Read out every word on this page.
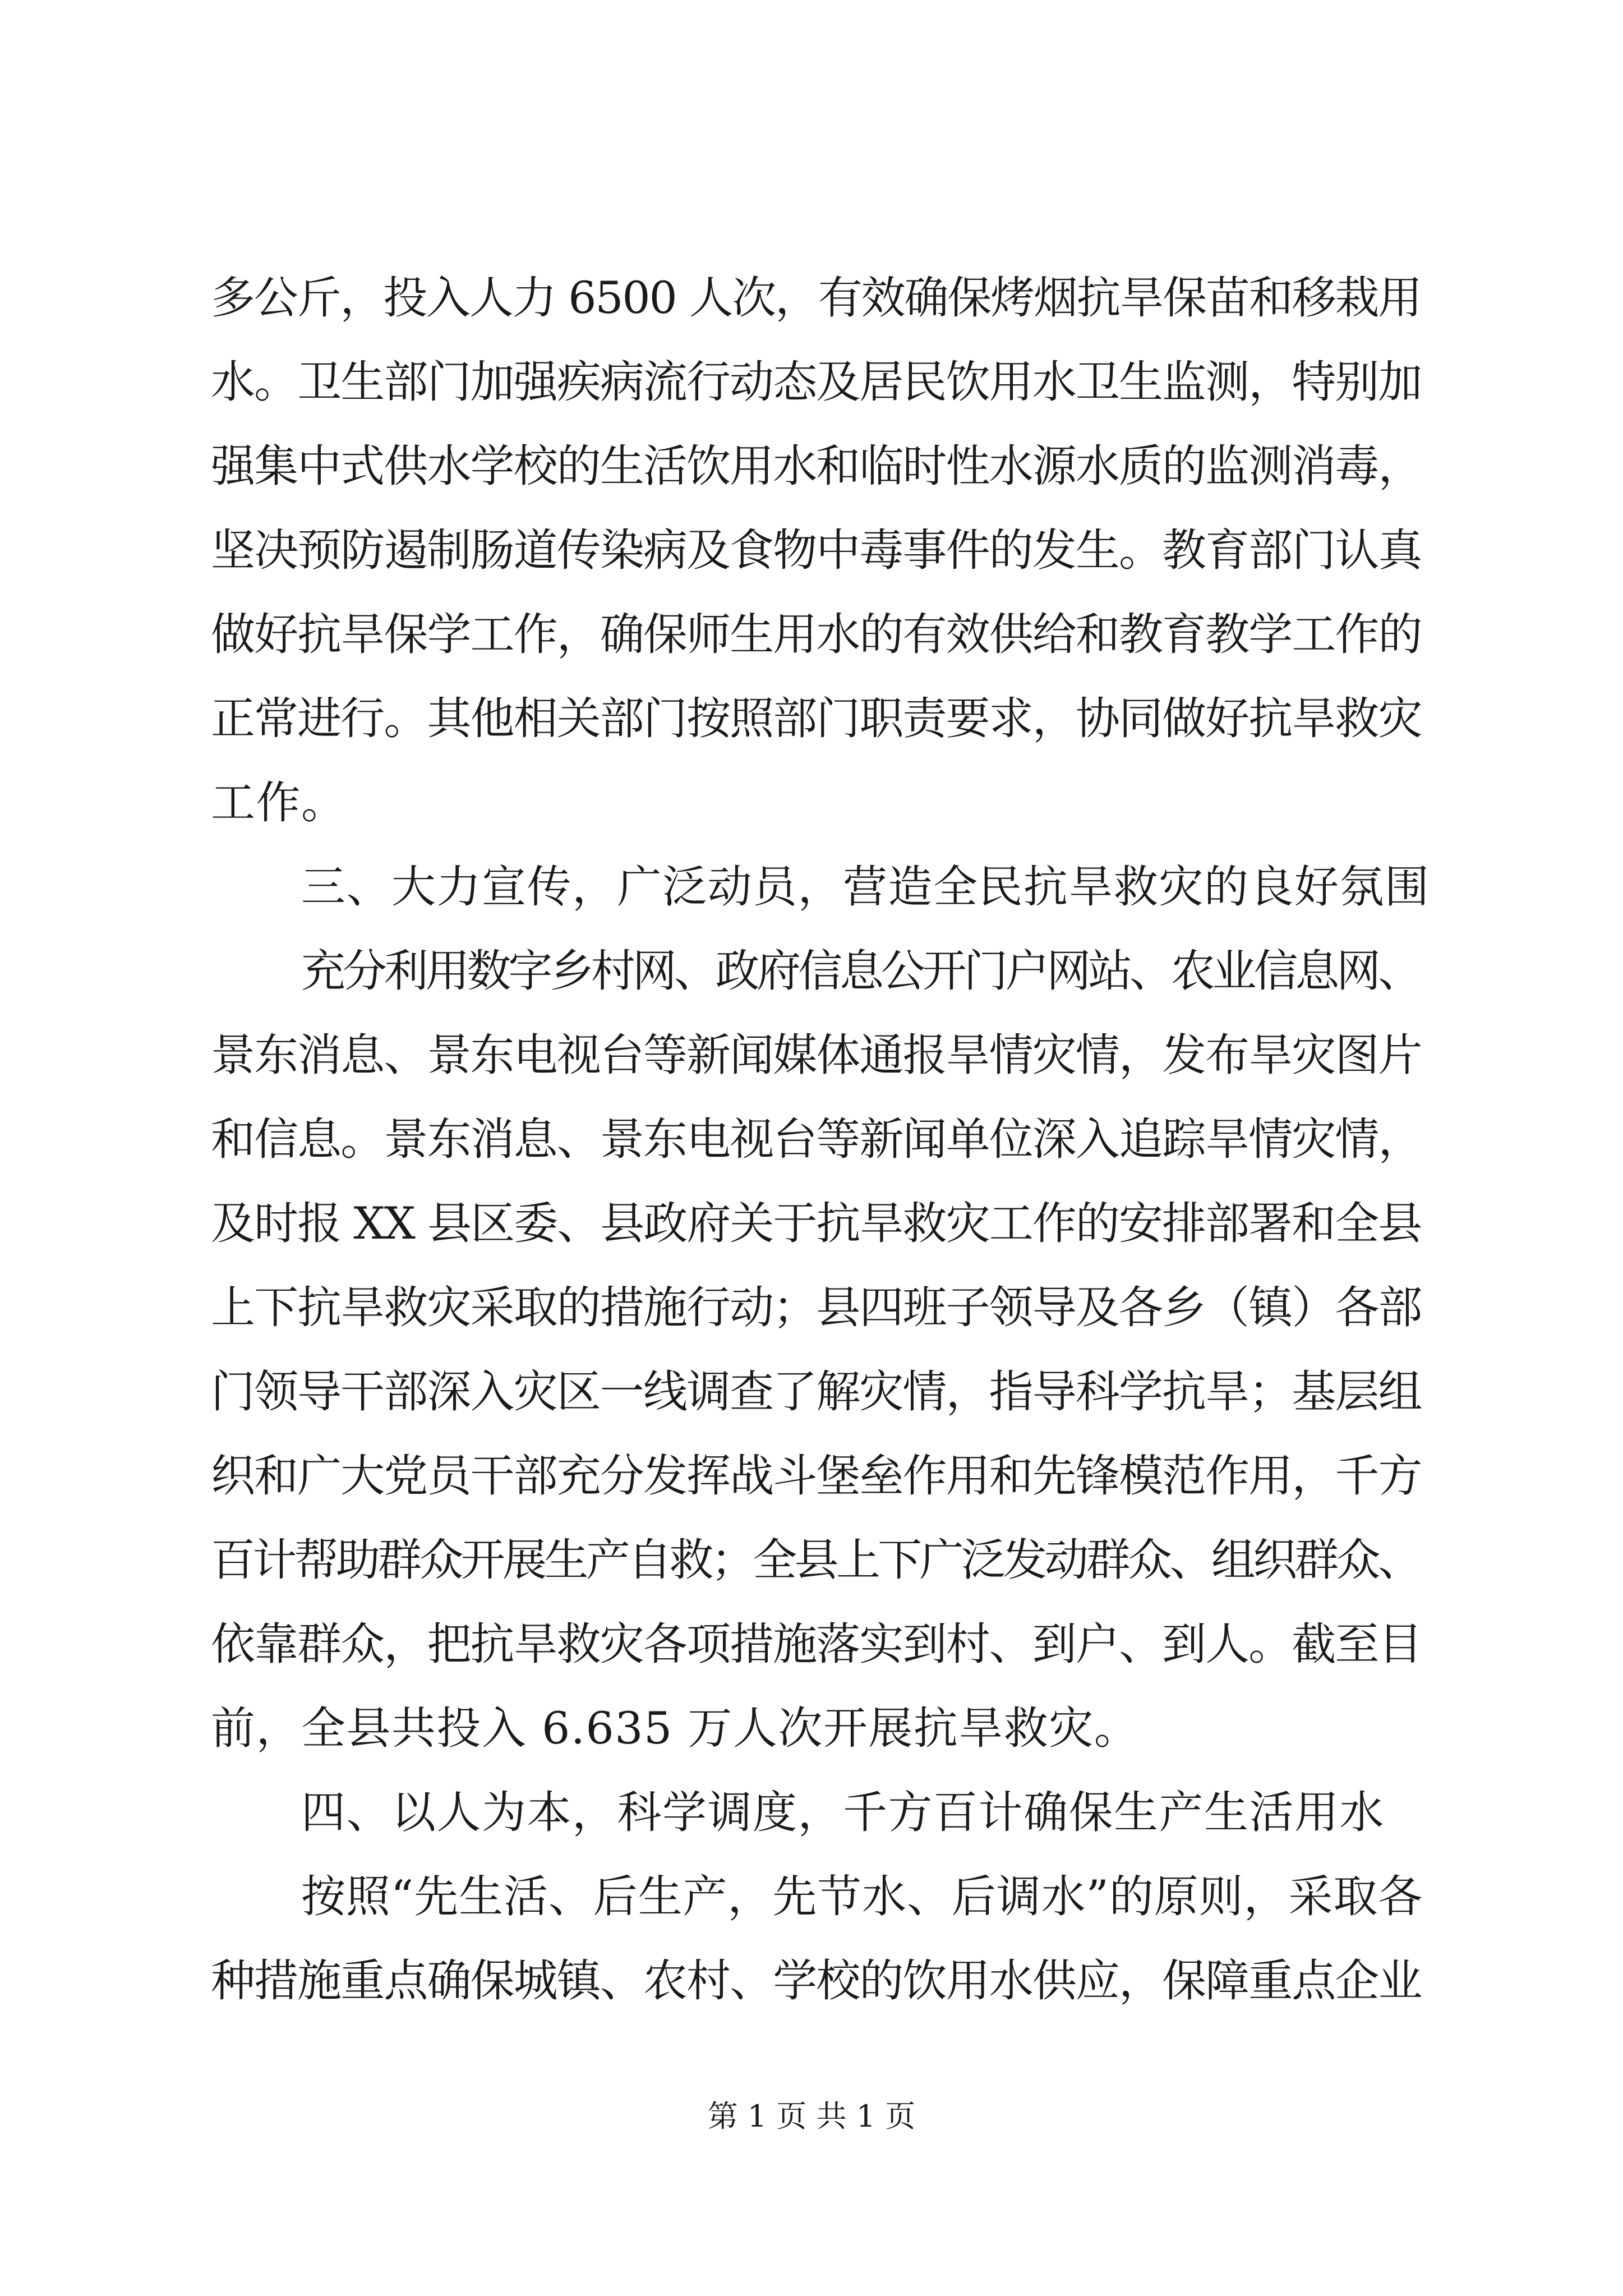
多公斤，投入人力 6500 人次，有效确保烤烟抗旱保苗和移栽用

水。卫生部门加强疾病流行动态及居民饮用水卫生监测，特别加

强集中式供水学校的生活饮用水和临时性水源水质的监测消毒，

坚决预防遏制肠道传染病及食物中毒事件的发生。教育部门认真

做好抗旱保学工作，确保师生用水的有效供给和教育教学工作的

正常进行。其他相关部门按照部门职责要求，协同做好抗旱救灾

工作。

三、大力宣传，广泛动员，营造全民抗旱救灾的良好氛围

充分利用数字乡村网、政府信息公开门户网站、农业信息网、

景东消息、景东电视台等新闻媒体通报旱情灾情，发布旱灾图片

和信息。景东消息、景东电视台等新闻单位深入追踪旱情灾情，

及时报 XX 县区委、县政府关于抗旱救灾工作的安排部署和全县

上下抗旱救灾采取的措施行动；县四班子领导及各乡（镇）各部

门领导干部深入灾区一线调查了解灾情，指导科学抗旱；基层组

织和广大党员干部充分发挥战斗堡垒作用和先锋模范作用，千方

百计帮助群众开展生产自救；全县上下广泛发动群众、组织群众、

依靠群众，把抗旱救灾各项措施落实到村、到户、到人。截至目

前，全县共投入 6.635 万人次开展抗旱救灾。

四、以人为本，科学调度，千方百计确保生产生活用水

按照“先生活、后生产，先节水、后调水”的原则，采取各

种措施重点确保城镇、农村、学校的饮用水供应，保障重点企业

第 1 页 共 1 页
